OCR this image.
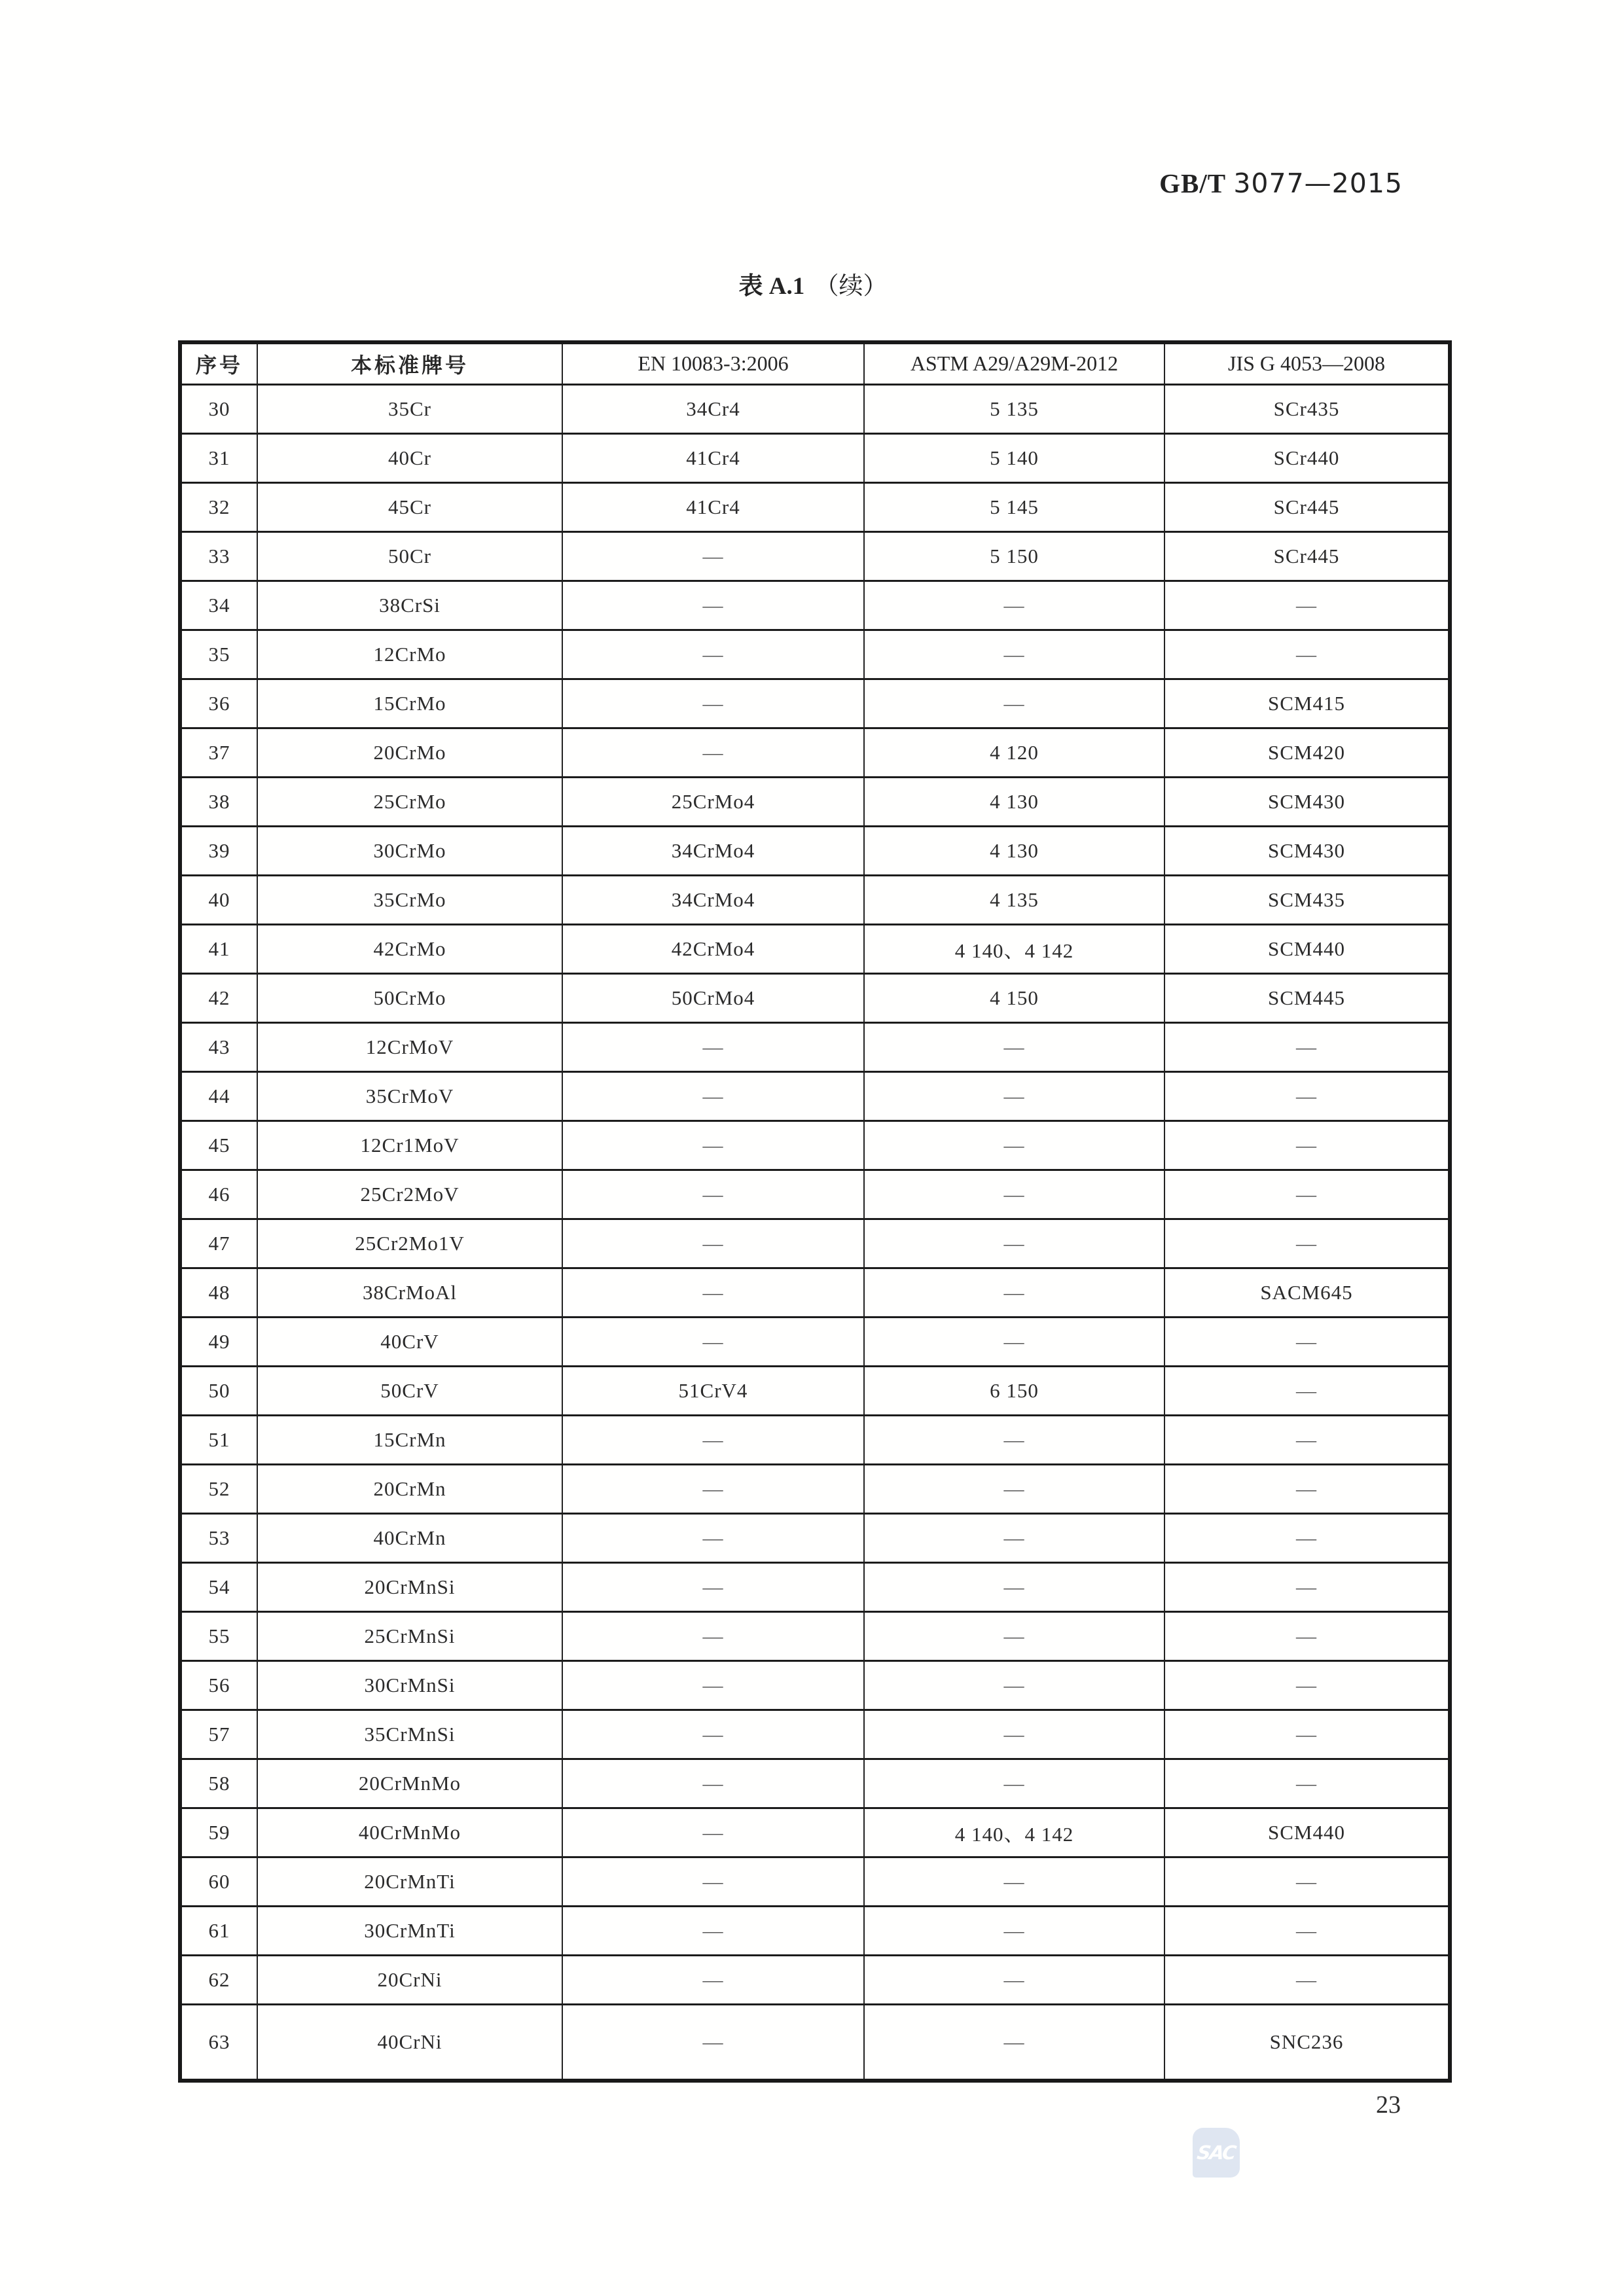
GB/T 3077—2015
表 A.1 （续）
序号	本标准牌号	EN 10083-3:2006	ASTM A29/A29M-2012	JIS G 4053—2008
30	35Cr	34Cr4	5 135	SCr435
31	40Cr	41Cr4	5 140	SCr440
32	45Cr	41Cr4	5 145	SCr445
33	50Cr	—	5 150	SCr445
34	38CrSi	—	—	—
35	12CrMo	—	—	—
36	15CrMo	—	—	SCM415
37	20CrMo	—	4 120	SCM420
38	25CrMo	25CrMo4	4 130	SCM430
39	30CrMo	34CrMo4	4 130	SCM430
40	35CrMo	34CrMo4	4 135	SCM435
41	42CrMo	42CrMo4	4 140、4 142	SCM440
42	50CrMo	50CrMo4	4 150	SCM445
43	12CrMoV	—	—	—
44	35CrMoV	—	—	—
45	12Cr1MoV	—	—	—
46	25Cr2MoV	—	—	—
47	25Cr2Mo1V	—	—	—
48	38CrMoAl	—	—	SACM645
49	40CrV	—	—	—
50	50CrV	51CrV4	6 150	—
51	15CrMn	—	—	—
52	20CrMn	—	—	—
53	40CrMn	—	—	—
54	20CrMnSi	—	—	—
55	25CrMnSi	—	—	—
56	30CrMnSi	—	—	—
57	35CrMnSi	—	—	—
58	20CrMnMo	—	—	—
59	40CrMnMo	—	4 140、4 142	SCM440
60	20CrMnTi	—	—	—
61	30CrMnTi	—	—	—
62	20CrNi	—	—	—
63	40CrNi	—	—	SNC236
23
SAC
